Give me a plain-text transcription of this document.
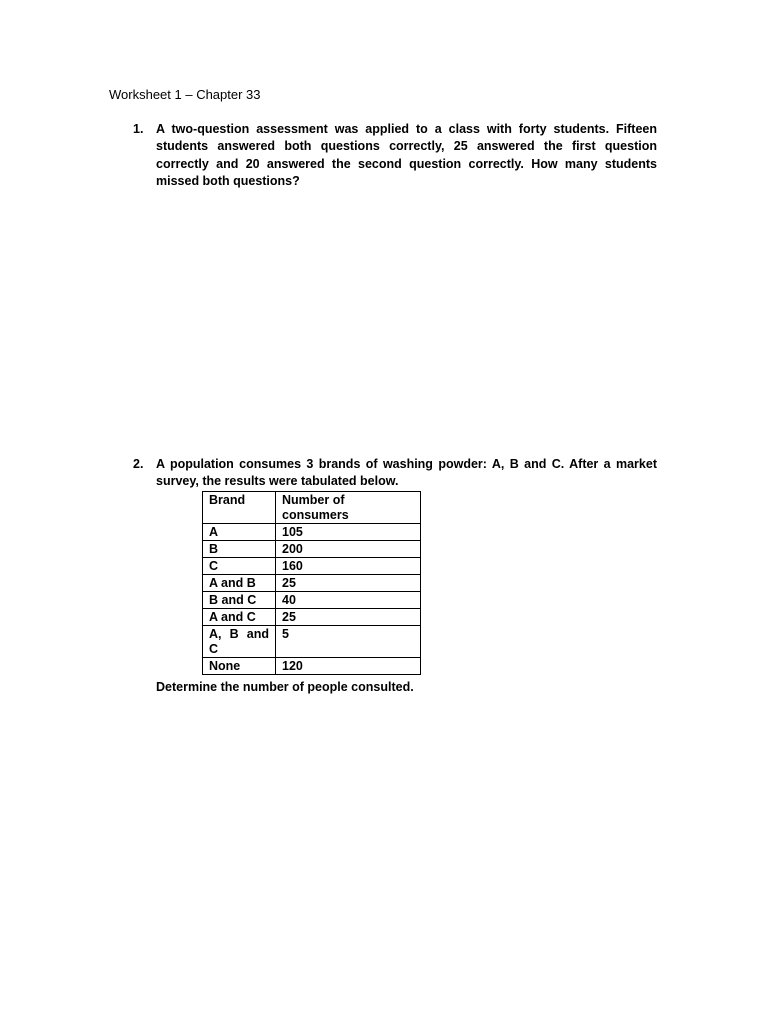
Worksheet 1 – Chapter 33
1. A two-question assessment was applied to a class with forty students. Fifteen students answered both questions correctly, 25 answered the first question correctly and 20 answered the second question correctly. How many students missed both questions?
2. A population consumes 3 brands of washing powder: A, B and C. After a market survey, the results were tabulated below.
Brand	Number of consumers
A	105
B	200
C	160
A and B	25
B and C	40
A and C	25
A, B and C	5
None	120
Determine the number of people consulted.
